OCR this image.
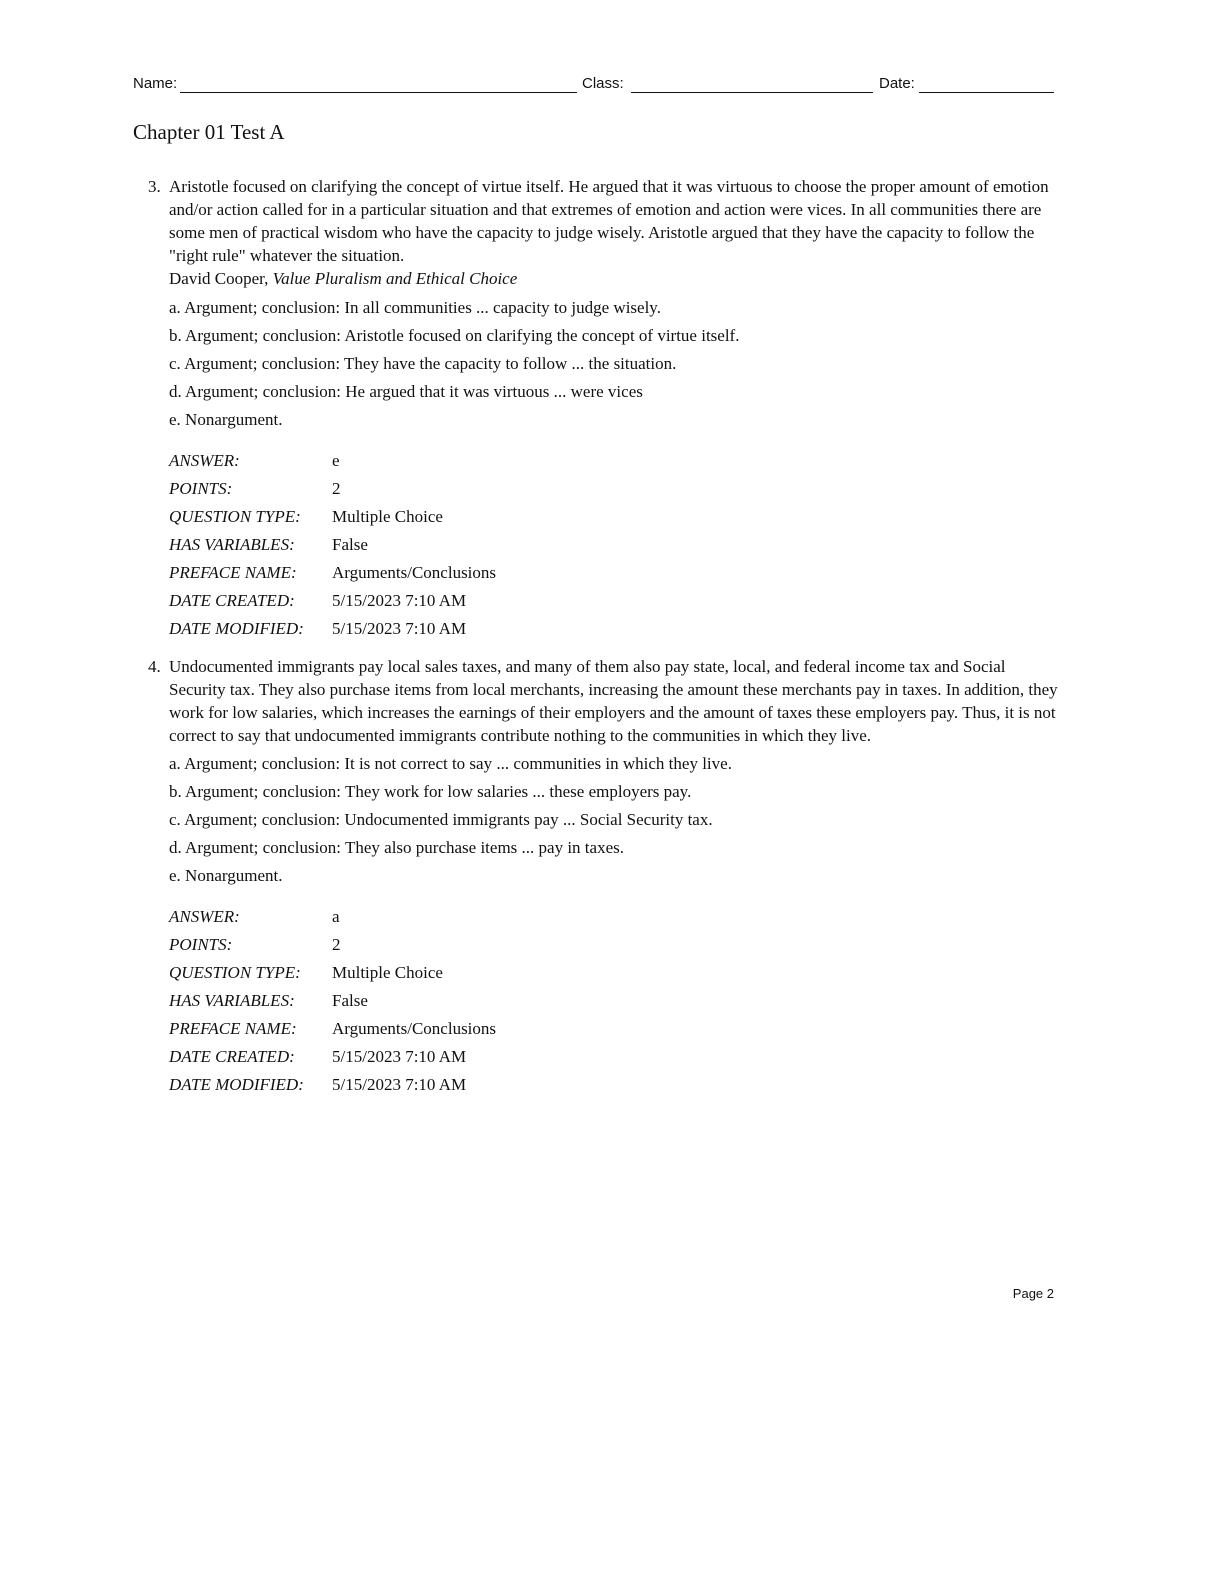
Name:	Class:	Date:
Chapter 01 Test A
3. Aristotle focused on clarifying the concept of virtue itself. He argued that it was virtuous to choose the proper amount of emotion and/or action called for in a particular situation and that extremes of emotion and action were vices. In all communities there are some men of practical wisdom who have the capacity to judge wisely. Aristotle argued that they have the capacity to follow the "right rule" whatever the situation.
David Cooper, Value Pluralism and Ethical Choice
a. Argument; conclusion: In all communities ... capacity to judge wisely.
b. Argument; conclusion: Aristotle focused on clarifying the concept of virtue itself.
c. Argument; conclusion: They have the capacity to follow ... the situation.
d. Argument; conclusion: He argued that it was virtuous ... were vices
e. Nonargument.
ANSWER:	e
POINTS:	2
QUESTION TYPE:	Multiple Choice
HAS VARIABLES:	False
PREFACE NAME:	Arguments/Conclusions
DATE CREATED:	5/15/2023 7:10 AM
DATE MODIFIED:	5/15/2023 7:10 AM
4. Undocumented immigrants pay local sales taxes, and many of them also pay state, local, and federal income tax and Social Security tax. They also purchase items from local merchants, increasing the amount these merchants pay in taxes. In addition, they work for low salaries, which increases the earnings of their employers and the amount of taxes these employers pay. Thus, it is not correct to say that undocumented immigrants contribute nothing to the communities in which they live.
a. Argument; conclusion: It is not correct to say ... communities in which they live.
b. Argument; conclusion: They work for low salaries ... these employers pay.
c. Argument; conclusion: Undocumented immigrants pay ... Social Security tax.
d. Argument; conclusion: They also purchase items ... pay in taxes.
e. Nonargument.
ANSWER:	a
POINTS:	2
QUESTION TYPE:	Multiple Choice
HAS VARIABLES:	False
PREFACE NAME:	Arguments/Conclusions
DATE CREATED:	5/15/2023 7:10 AM
DATE MODIFIED:	5/15/2023 7:10 AM
Page 2
